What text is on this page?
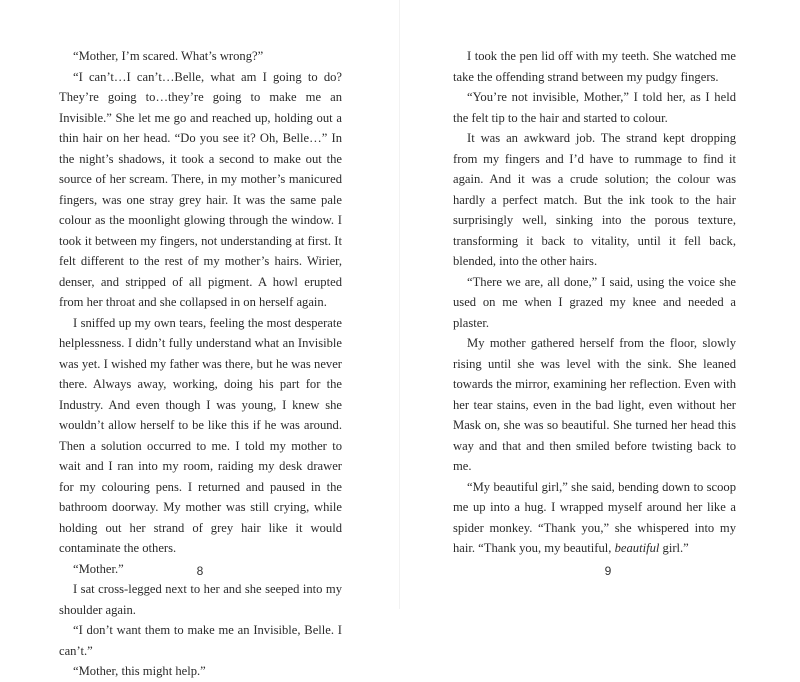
“Mother, I’m scared. What’s wrong?”

“I can’t…I can’t…Belle, what am I going to do? They’re going to…they’re going to make me an Invisible.” She let me go and reached up, holding out a thin hair on her head. “Do you see it? Oh, Belle…” In the night’s shadows, it took a second to make out the source of her scream. There, in my mother’s manicured fingers, was one stray grey hair. It was the same pale colour as the moonlight glowing through the window. I took it between my fingers, not understanding at first. It felt different to the rest of my mother’s hairs. Wirier, denser, and stripped of all pigment. A howl erupted from her throat and she collapsed in on herself again.

I sniffed up my own tears, feeling the most desperate helplessness. I didn’t fully understand what an Invisible was yet. I wished my father was there, but he was never there. Always away, working, doing his part for the Industry. And even though I was young, I knew she wouldn’t allow herself to be like this if he was around. Then a solution occurred to me. I told my mother to wait and I ran into my room, raiding my desk drawer for my colouring pens. I returned and paused in the bathroom doorway. My mother was still crying, while holding out her strand of grey hair like it would contaminate the others.

“Mother.”

I sat cross-legged next to her and she seeped into my shoulder again.

“I don’t want them to make me an Invisible, Belle. I can’t.”

“Mother, this might help.”

8

I took the pen lid off with my teeth. She watched me take the offending strand between my pudgy fingers.

“You’re not invisible, Mother,” I told her, as I held the felt tip to the hair and started to colour.

It was an awkward job. The strand kept dropping from my fingers and I’d have to rummage to find it again. And it was a crude solution; the colour was hardly a perfect match. But the ink took to the hair surprisingly well, sinking into the porous texture, transforming it back to vitality, until it fell back, blended, into the other hairs.

“There we are, all done,” I said, using the voice she used on me when I grazed my knee and needed a plaster.

My mother gathered herself from the floor, slowly rising until she was level with the sink. She leaned towards the mirror, examining her reflection. Even with her tear stains, even in the bad light, even without her Mask on, she was so beautiful. She turned her head this way and that and then smiled before twisting back to me.

“My beautiful girl,” she said, bending down to scoop me up into a hug. I wrapped myself around her like a spider monkey. “Thank you,” she whispered into my hair. “Thank you, my beautiful, beautiful girl.”

9
